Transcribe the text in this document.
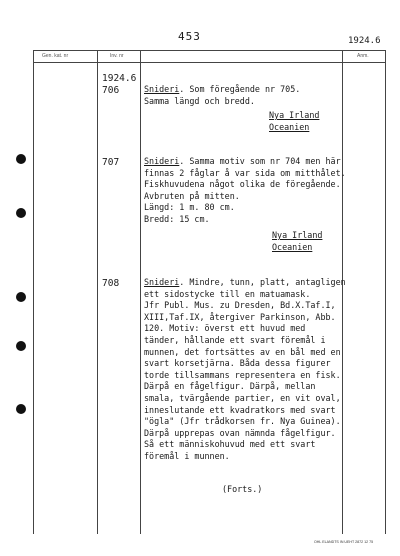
453	1924.6
Gen. kat. nr	Inv. nr	Anm.
1924.6
706	Snideri. Som föregående nr 705.
Samma längd och bredd.
Nya Irland
Oceanien
707	Snideri. Samma motiv som nr 704 men här
finnas 2 fåglar å var sida om mitthålet.
Fiskhuvudena något olika de föregående.
Avbruten på mitten.
Längd: 1 m. 80 cm.
Bredd: 15 cm.
Nya Irland
Oceanien
708	Snideri. Mindre, tunn, platt, antagligen
ett sidostycke till en matuamask.
Jfr Publ. Mus. zu Dresden, Bd.X.Taf.I,
XIII,Taf.IX, återgiver Parkinson, Abb.
120. Motiv: överst ett huvud med
tänder, hållande ett svart föremål i
munnen, det fortsättes av en bål med en
svart korsetjärna. Båda dessa figurer
torde tillsammans representera en fisk.
Därpå en fågelfigur. Därpå, mellan
smala, tvärgående partier, en vit oval,
inneslutande ett kvadratkors med svart
"ögla" (Jfr trådkorsen fr. Nya Guinea).
Därpå upprepas ovan nämnda fågelfigur.
Så ett människohuvud med ett svart
föremål i munnen.
(Forts.)
OHL ELANDTS IN UEHT 2872 12 75
